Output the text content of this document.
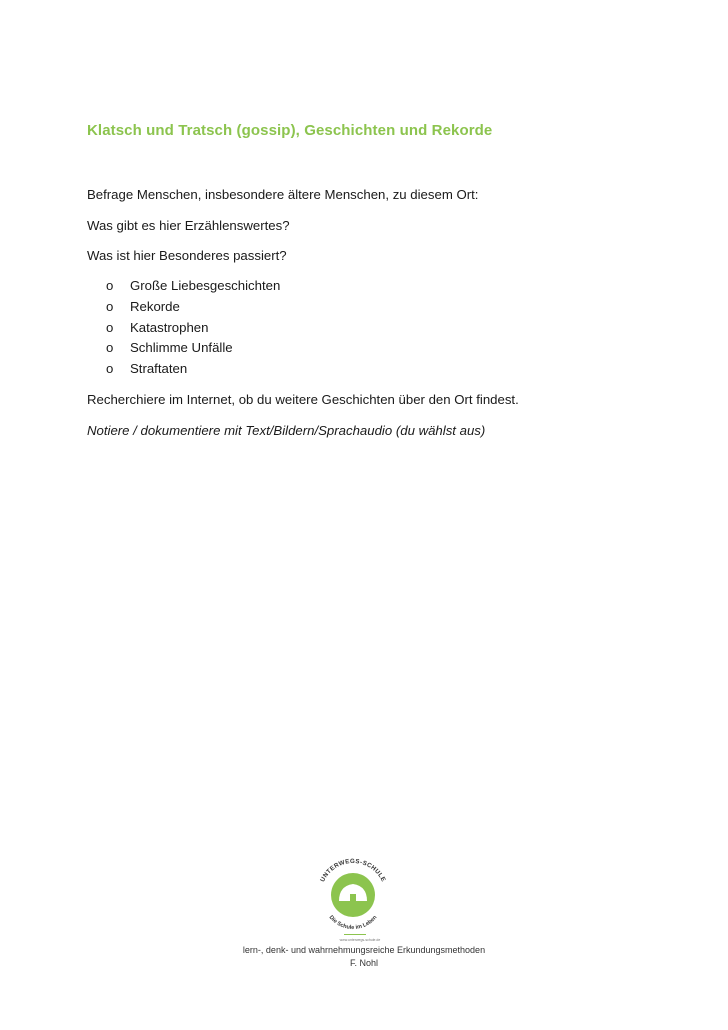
Klatsch und Tratsch (gossip), Geschichten und Rekorde

Befrage Menschen, insbesondere ältere Menschen, zu diesem Ort:

Was gibt es hier Erzählenswertes?

Was ist hier Besonderes passiert?

o	Große Liebesgeschichten
o	Rekorde
o	Katastrophen
o	Schlimme Unfälle
o	Straftaten

Recherchiere im Internet, ob du weitere Geschichten über den Ort findest.

Notiere / dokumentiere mit Text/Bildern/Sprachaudio (du wählst aus)

UNTERWEGS-SCHULE
Die Schule im Leben
www.unterwegs-schule.de
lern-, denk- und wahrnehmungsreiche Erkundungsmethoden
F. Nohl
